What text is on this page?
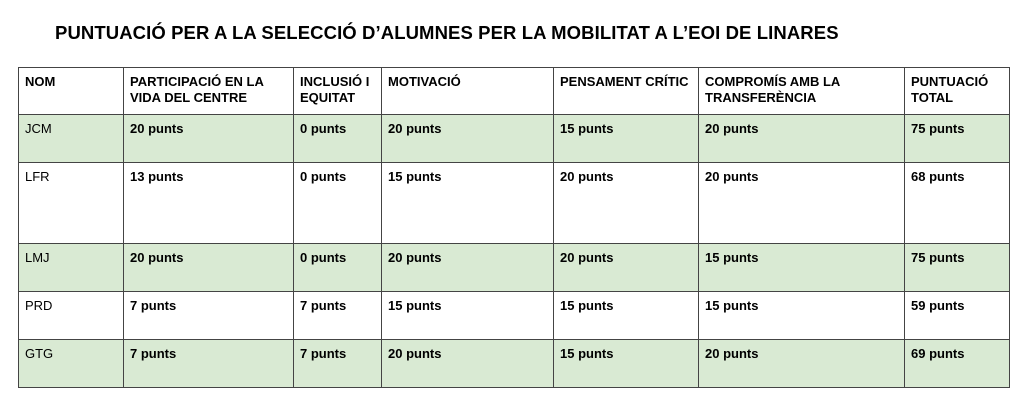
PUNTUACIÓ PER A LA SELECCIÓ D’ALUMNES PER LA MOBILITAT A L’EOI DE LINARES
NOM	PARTICIPACIÓ EN LA VIDA DEL CENTRE	INCLUSIÓ I EQUITAT	MOTIVACIÓ	PENSAMENT CRÍTIC	COMPROMÍS AMB LA TRANSFERÈNCIA	PUNTUACIÓ TOTAL
JCM	20 punts	0 punts	20 punts	15 punts	20 punts	75 punts
LFR	13 punts	0 punts	15 punts	20 punts	20 punts	68 punts
LMJ	20 punts	0 punts	20 punts	20 punts	15 punts	75 punts
PRD	7 punts	7 punts	15 punts	15 punts	15 punts	59 punts
GTG	7 punts	7 punts	20 punts	15 punts	20 punts	69 punts
